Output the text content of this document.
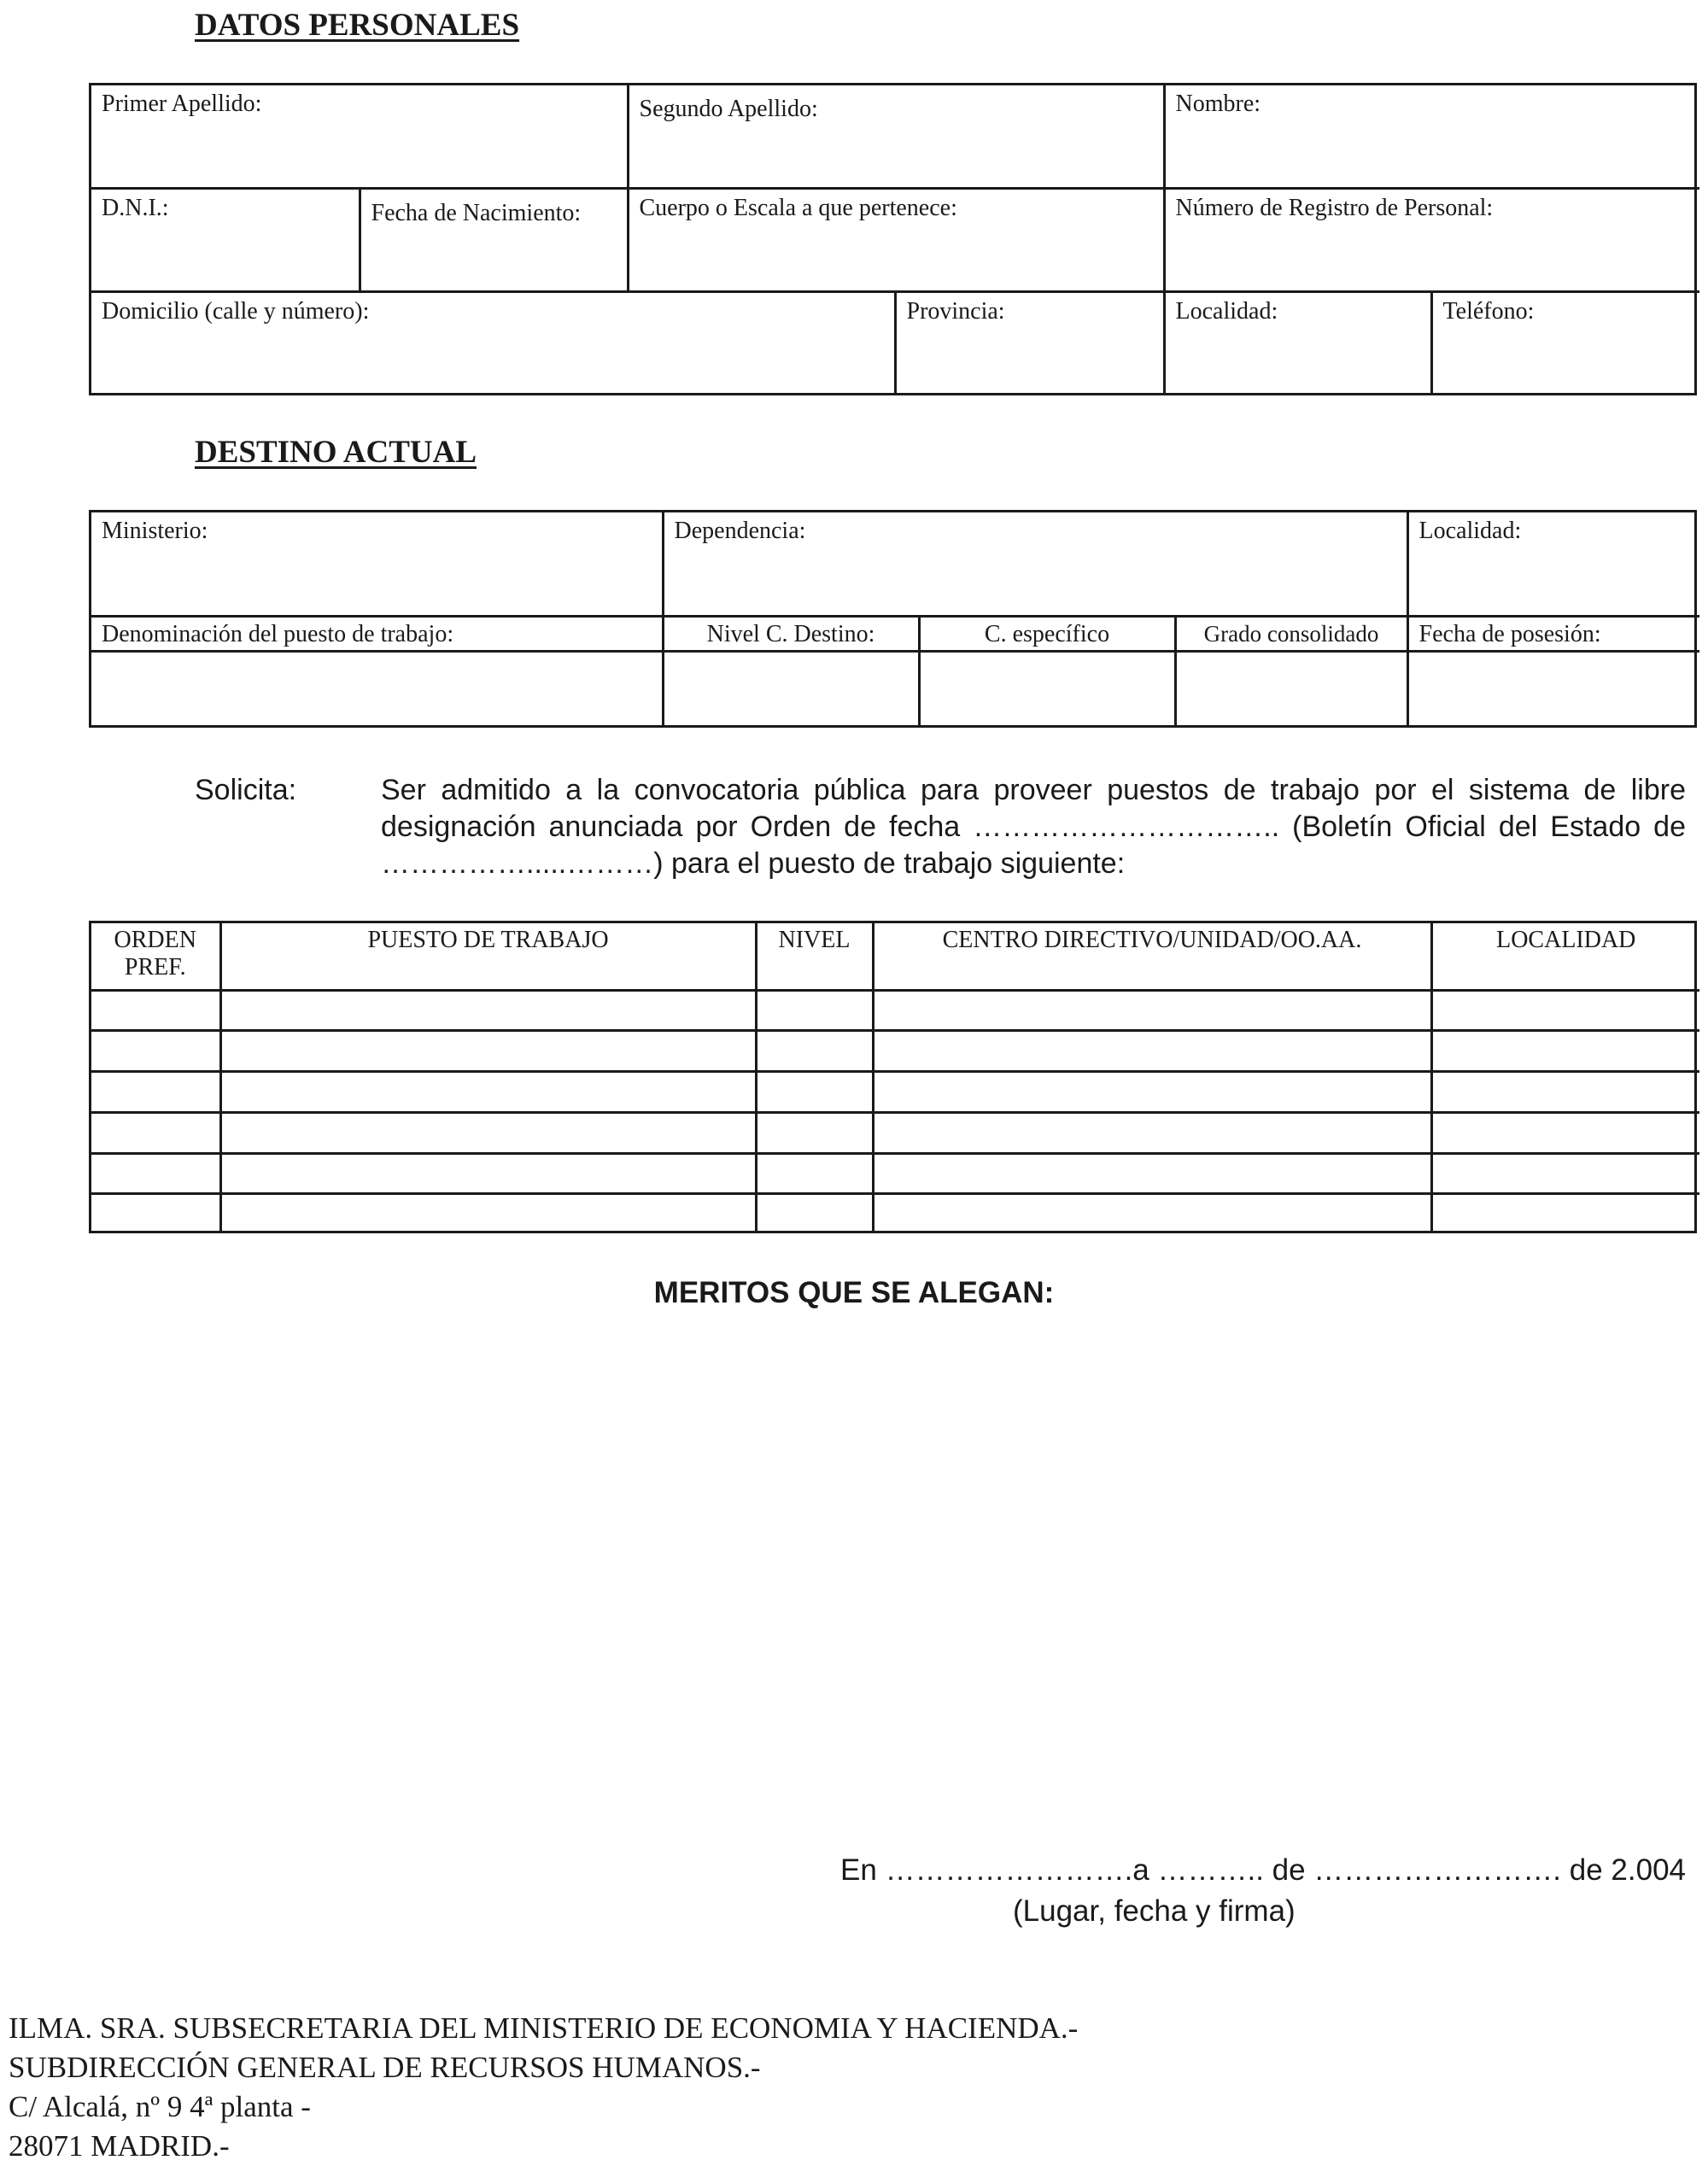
DATOS PERSONALES
Primer Apellido:		Segundo Apellido:		Nombre:	
D.N.I.:	Fecha de Nacimiento:	Cuerpo o Escala a que pertenece:		Número de Registro de Personal:	
Domicilio (calle y número):			Provincia:	Localidad:	Teléfono:
DESTINO ACTUAL
Ministerio:	Dependencia:			Localidad:
Denominación del puesto de trabajo:	Nivel C. Destino:	C. específico	Grado consolidado	Fecha de posesión:

Solicita:	Ser admitido a la convocatoria pública para proveer puestos de trabajo por el sistema de libre designación anunciada por Orden de fecha ………………………….. (Boletín Oficial del Estado de …………….....………) para el puesto de trabajo siguiente:
ORDEN PREF.	PUESTO DE TRABAJO	NIVEL	CENTRO DIRECTIVO/UNIDAD/OO.AA.	LOCALIDAD

MERITOS QUE SE ALEGAN:
En …………………….a ……….. de ……………………. de 2.004
(Lugar, fecha y firma)
ILMA. SRA. SUBSECRETARIA DEL MINISTERIO DE ECONOMIA Y HACIENDA.-
SUBDIRECCIÓN GENERAL DE RECURSOS HUMANOS.-
C/ Alcalá, nº 9 4ª planta -
28071 MADRID.-
